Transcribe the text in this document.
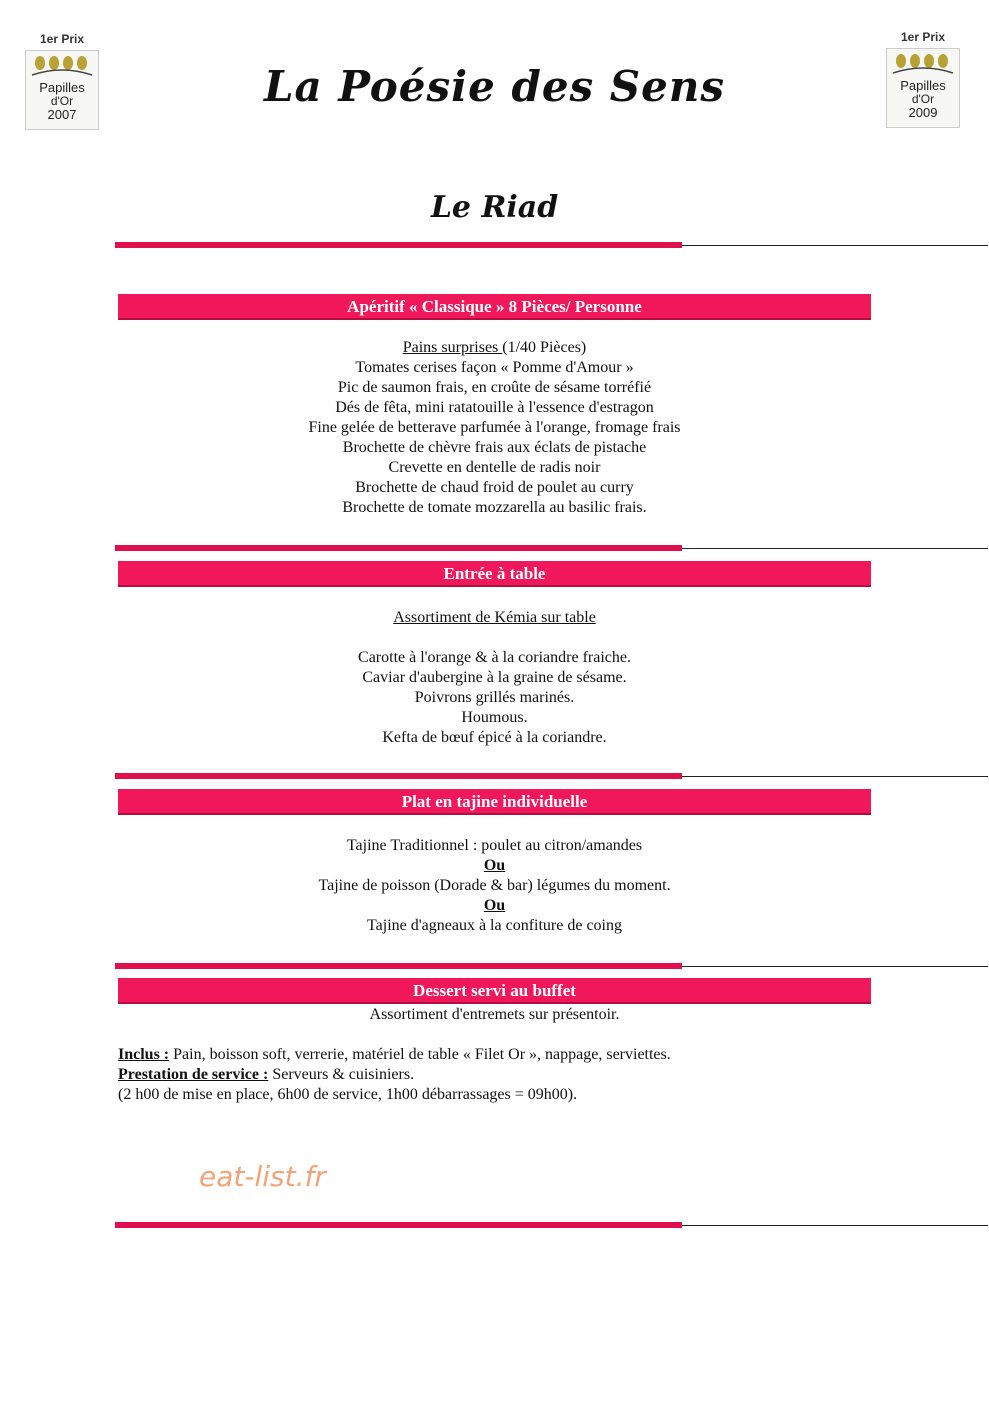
1er Prix
Papilles
d'Or
2007
1er Prix
Papilles
d'Or
2009
La Poésie des Sens
Le Riad
Apéritif « Classique » 8 Pièces/ Personne
Pains surprises (1/40 Pièces)
Tomates cerises façon « Pomme d'Amour »
Pic de saumon frais, en croûte de sésame torréfié
Dés de fêta, mini ratatouille à l'essence d'estragon
Fine gelée de betterave parfumée à l'orange, fromage frais
Brochette de chèvre frais aux éclats de pistache
Crevette en dentelle de radis noir
Brochette de chaud froid de poulet au curry
Brochette de tomate mozzarella au basilic frais.
Entrée à table
Assortiment de Kémia sur table
Carotte à l'orange & à la coriandre fraiche.
Caviar d'aubergine à la graine de sésame.
Poivrons grillés marinés.
Houmous.
Kefta de bœuf épicé à la coriandre.
Plat en tajine individuelle
Tajine Traditionnel : poulet au citron/amandes
Ou
Tajine de poisson (Dorade & bar) légumes du moment.
Ou
Tajine d'agneaux à la confiture de coing
Dessert servi au buffet
Assortiment d'entremets sur présentoir.
Inclus : Pain, boisson soft, verrerie, matériel de table « Filet Or », nappage, serviettes.
Prestation de service : Serveurs & cuisiniers.
(2 h00 de mise en place, 6h00 de service, 1h00 débarrassages = 09h00).
eat-list.fr
